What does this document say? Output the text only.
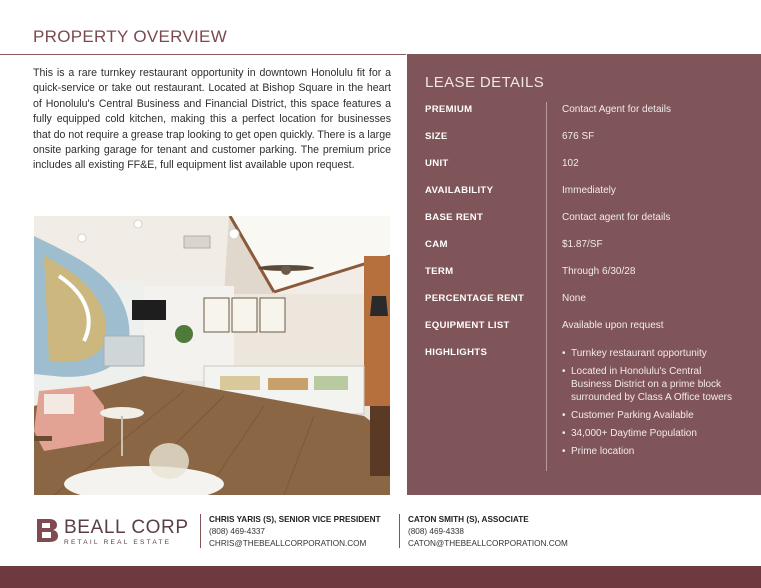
PROPERTY OVERVIEW

This is a rare turnkey restaurant opportunity in downtown Honolulu fit for a quick-service or take out restaurant. Located at Bishop Square in the heart of Honolulu's Central Business and Financial District, this space features a fully equipped cold kitchen, making this a perfect location for businesses that do not require a grease trap looking to get open quickly. There is a large onsite parking garage for tenant and customer parking. The premium price includes all existing FF&E, full equipment list available upon request.

LEASE DETAILS
PREMIUM	Contact Agent for details
SIZE	676 SF
UNIT	102
AVAILABILITY	Immediately
BASE RENT	Contact agent for details
CAM	$1.87/SF
TERM	Through 6/30/28
PERCENTAGE RENT	None
EQUIPMENT LIST	Available upon request
HIGHLIGHTS
•	Turnkey restaurant opportunity
• Located in Honolulu's Central Business District on a prime block surrounded by Class A Office towers
• Customer Parking Available
• 34,000+ Daytime Population
• Prime location
BEALL CORP
RETAIL REAL ESTATE
CHRIS YARIS (S), SENIOR VICE PRESIDENT
(808) 469-4337
CHRIS@THEBEALLCORPORATION.COM
CATON SMITH (S), ASSOCIATE
(808) 469-4338
CATON@THEBEALLCORPORATION.COM
